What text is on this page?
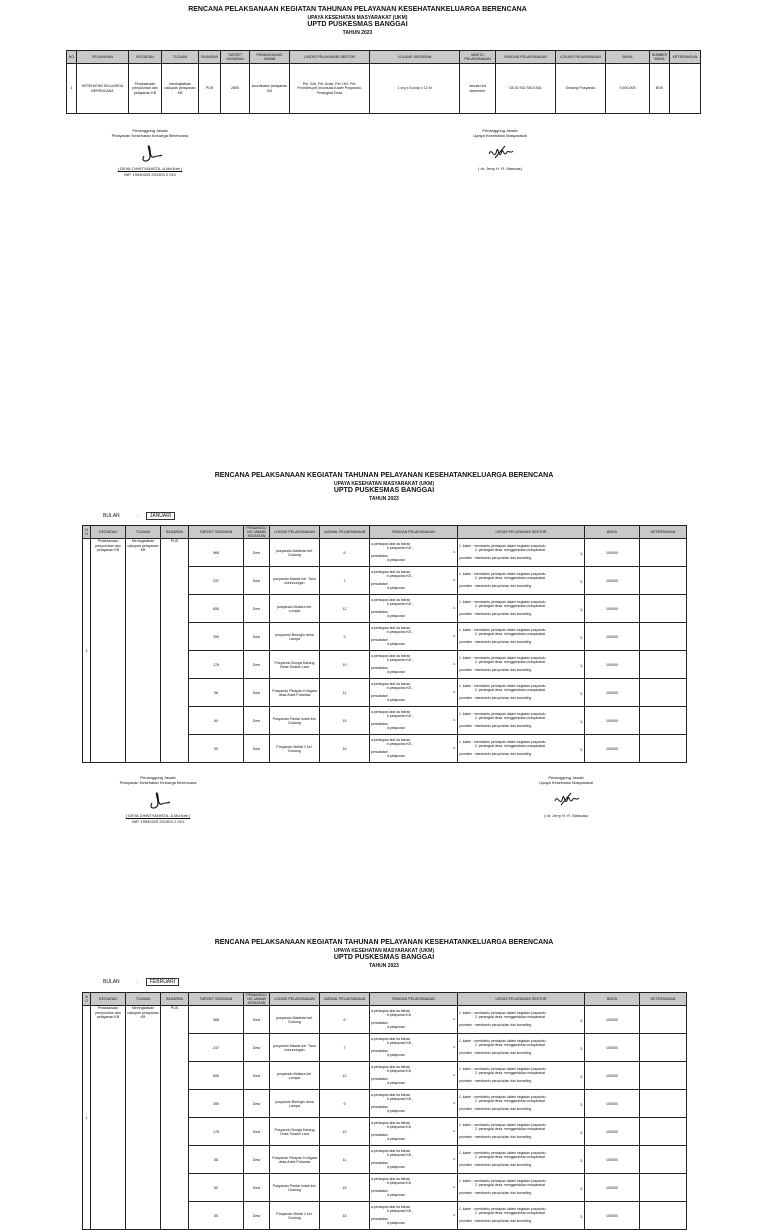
RENCANA PELAKSANAAN KEGIATAN TAHUNAN PELAYANAN KESEHATANKELUARGA BERENCANA
UPAYA KESEHATAN MASYARAKAT (UKM)
UPTD PUSKESMAS BANGGAI
TAHUN 2023
NO	PELAYANAN	KEGIATAN	TUJUAN	SASARAN	TARGET SASARAN	PENANGGUNG JAWAB	LINTAS PELAYANAN/ SEKTOR	VOLUME KEGIATAN	WAKTU PELAKSANAAN	RINCIAN PELAKSANAAN	LOKASI PELAKSANAAN	BIAYA	SUMBER BIAYA	KETERANGAN
1	KESEHATAN KELUARGA BERENCANA	Pelaksanaan penyuluhan dan pelayanan KB	meningkatkan cakupan pelayanan KB	PUS	2855	koordinator pelayanan KB	Pel. Gizi, Pel. Anak, Pel. HIV, Pel. Promkes,pel.imunisasi,Kader Posyandu, Perangkat Desa	1 org x 8 posy x 12 bl	Januari s/d desember	08.30 S/D SELESAI	Gedung Posyandu	9,600,000	BOK	
Penanggung Jawab
Pelayanan Kesehatan Keluarga Berencana
( DEVA CHINTYANISTA, A.Md.Keb )
NIP. 19940329 201903 2 010
Penanggung Jawab
Upaya Kesehatan Masyarakat
( dr. Jerry H. R. Manuas)
RENCANA PELAKSANAAN KEGIATAN TAHUNAN PELAYANAN KESEHATANKELUARGA BERENCANA
UPAYA KESEHATAN MASYARAKAT (UKM)
UPTD PUSKESMAS BANGGAI
TAHUN 2023
BULAN	: JANUARI
NO	KEGIATAN	TUJUAN	SASARAN	TARGET SASARAN	PENANGGUNG JAWAB KEGIATAN	LOKASI PELAKSANAAN	JADWAL PELAKSANAAN	RINCIAN PELAKSANAAN	LINTAS PELAYANAN/ SEKTOR	BIAYA	KETERANGAN
1	Pelaksanaan penyuluhan dan pelayanan KB	Meningkatkan cakupan pelayanan KB	PUS	968	Devi	posyandu Matahari kel. Dodung	6	a.persiapan alat da bahan
b.pelayanan KB ,
c.
pencatatan
d.pelaporan	1. kader : membantu persiapan dalam kegiatan posyandu
2. perangkat desa: menggerakkan masyarakat
3.
promkes : membantu penyuluhan dan konseling	100000	
				237	Devi	posyandu Mawar kel. Tano bonunungan	7	a.persiapan alat da bahan
b.pelayanan KB ,
c.
pencatatan
d.pelaporan	1. kader : membantu persiapan dalam kegiatan posyandu
2. perangkat desa: menggerakkan masyarakat
3.
promkes : membantu penyuluhan dan konseling	100000	
				655	Devi	posyandu Mutiara kel. Lompio	12	a.persiapan alat da bahan
b.pelayanan KB ,
c.
pencatatan
d.pelaporan	1. kader : membantu persiapan dalam kegiatan posyandu
2. perangkat desa: menggerakkan masyarakat
3.
promkes : membantu penyuluhan dan konseling	100000	
				395	Devi	posyandu Beringin desa Lampa	9	a.persiapan alat da bahan
b.pelayanan KB ,
c.
pencatatan
d.pelaporan	1. kader : membantu persiapan dalam kegiatan posyandu
2. perangkat desa: menggerakkan masyarakat
3.
promkes : membantu penyuluhan dan konseling	100000	
				178	Devi	Posyandu Bunga Karang Desa Tinakin Laut	10	a.persiapan alat da bahan
b.pelayanan KB ,
c.
pencatatan
d.pelaporan	1. kader : membantu persiapan dalam kegiatan posyandu
2. perangkat desa: menggerakkan masyarakat
3.
promkes : membantu penyuluhan dan konseling	100000	
				58	Devi	Posyandu Pinapan Kuhgata desa Adek Potanisa	11	a.persiapan alat da bahan
b.pelayanan KB ,
c.
pencatatan
d.pelaporan	1. kader : membantu persiapan dalam kegiatan posyandu
2. perangkat desa: menggerakkan masyarakat
3.
promkes : membantu penyuluhan dan konseling	100000	
				60	Devi	Posyandu Pantai Indah kel. Dodung	15	a.persiapan alat da bahan
b.pelayanan KB ,
c.
pencatatan
d.pelaporan	1. kader : membantu persiapan dalam kegiatan posyandu
2. perangkat desa: menggerakkan masyarakat
3.
promkes : membantu penyuluhan dan konseling	100000	
				55	Devi	Posyandu Melati 2 kel. Dodung	16	a.persiapan alat da bahan
b.pelayanan KB ,
c.
pencatatan
d.pelaporan	1. kader : membantu persiapan dalam kegiatan posyandu
2. perangkat desa: menggerakkan masyarakat
3.
promkes : membantu penyuluhan dan konseling	100000	
Penanggung Jawab
Pelayanan Kesehatan Keluarga Berencana
( DEVA CHINTYANISTA, A.Md.Keb )
NIP. 19940329 201903 2 010
Penanggung Jawab
Upaya Kesehatan Masyarakat
( dr. Jerry H. R. Manuas)
RENCANA PELAKSANAAN KEGIATAN TAHUNAN PELAYANAN KESEHATANKELUARGA BERENCANA
UPAYA KESEHATAN MASYARAKAT (UKM)
UPTD PUSKESMAS BANGGAI
TAHUN 2023
BULAN	: FEBRUARI
NO	KEGIATAN	TUJUAN	SASARAN	TARGET SASARAN	PENANGGUNG JAWAB KEGIATAN	LOKASI PELAKSANAAN	JADWAL PELAKSANAAN	RINCIAN PELAKSANAAN	LINTAS PELAYANAN/ SEKTOR	BIAYA	KETERANGAN
1	Pelaksanaan penyuluhan dan pelayanan KB	Meningkatkan cakupan pelayanan KB	PUS	968	Devi	posyandu Matahari kel. Dodung	6	a.persiapan alat da bahan
b.pelayanan KB ,
c.
pencatatan
d.pelaporan	1. kader : membantu persiapan dalam kegiatan posyandu
2. perangkat desa: menggerakkan masyarakat
3.
promkes : membantu penyuluhan dan konseling	100000	
				237	Devi	posyandu Mawar kel. Tano bonunungan	7	a.persiapan alat da bahan
b.pelayanan KB ,
c.
pencatatan
d.pelaporan	1. kader : membantu persiapan dalam kegiatan posyandu
2. perangkat desa: menggerakkan masyarakat
3.
promkes : membantu penyuluhan dan konseling	100000	
				655	Devi	posyandu Mutiara kel. Lompio	12	a.persiapan alat da bahan
b.pelayanan KB ,
c.
pencatatan
d.pelaporan	1. kader : membantu persiapan dalam kegiatan posyandu
2. perangkat desa: menggerakkan masyarakat
3.
promkes : membantu penyuluhan dan konseling	100000	
				395	Devi	posyandu Beringin desa Lampa	9	a.persiapan alat da bahan
b.pelayanan KB ,
c.
pencatatan
d.pelaporan	1. kader : membantu persiapan dalam kegiatan posyandu
2. perangkat desa: menggerakkan masyarakat
3.
promkes : membantu penyuluhan dan konseling	100000	
				178	Devi	Posyandu Bunga Karang Desa Tinakin Laut	10	a.persiapan alat da bahan
b.pelayanan KB ,
c.
pencatatan
d.pelaporan	1. kader : membantu persiapan dalam kegiatan posyandu
2. perangkat desa: menggerakkan masyarakat
3.
promkes : membantu penyuluhan dan konseling	100000	
				58	Devi	Posyandu Pinapan Kuhgata desa Adek Potanisa	11	a.persiapan alat da bahan
b.pelayanan KB ,
c.
pencatatan
d.pelaporan	1. kader : membantu persiapan dalam kegiatan posyandu
2. perangkat desa: menggerakkan masyarakat
3.
promkes : membantu penyuluhan dan konseling	100000	
				60	Devi	Posyandu Pantai Indah kel. Dodung	15	a.persiapan alat da bahan
b.pelayanan KB ,
c.
pencatatan
d.pelaporan	1. kader : membantu persiapan dalam kegiatan posyandu
2. perangkat desa: menggerakkan masyarakat
3.
promkes : membantu penyuluhan dan konseling	100000	
				55	Devi	Posyandu Melati 2 kel. Dodung	16	a.persiapan alat da bahan
b.pelayanan KB ,
c.
pencatatan
d.pelaporan	1. kader : membantu persiapan dalam kegiatan posyandu
2. perangkat desa: menggerakkan masyarakat
3.
promkes : membantu penyuluhan dan konseling	100000	
